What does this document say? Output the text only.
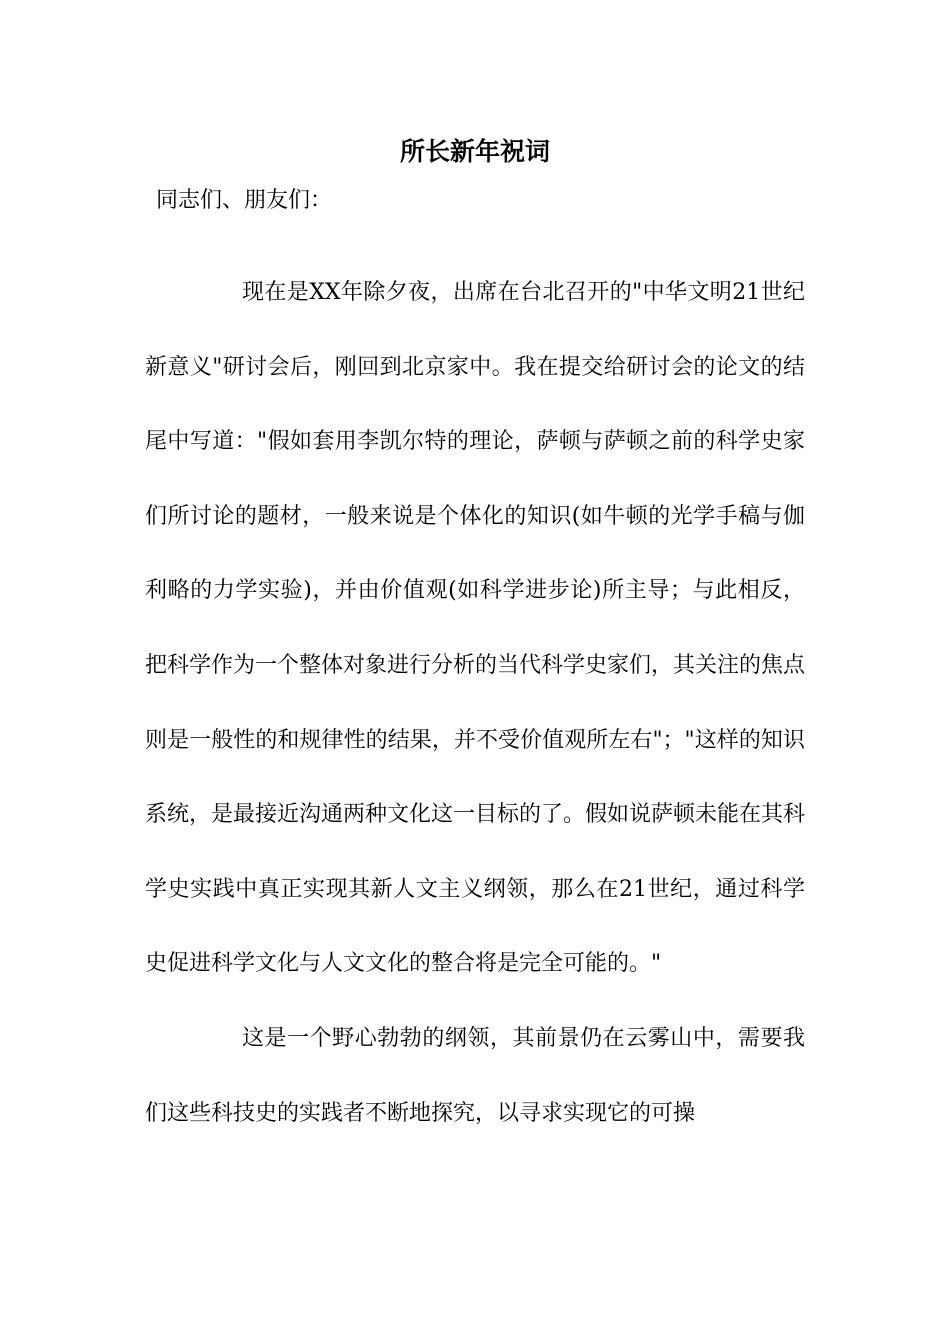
所长新年祝词
同志们、朋友们：

现在是XX年除夕夜，出席在台北召开的"中华文明21世纪新意义"研讨会后，刚回到北京家中。我在提交给研讨会的论文的结尾中写道："假如套用李凯尔特的理论，萨顿与萨顿之前的科学史家们所讨论的题材，一般来说是个体化的知识(如牛顿的光学手稿与伽利略的力学实验)，并由价值观(如科学进步论)所主导；与此相反，把科学作为一个整体对象进行分析的当代科学史家们，其关注的焦点则是一般性的和规律性的结果，并不受价值观所左右"；"这样的知识系统，是最接近沟通两种文化这一目标的了。假如说萨顿未能在其科学史实践中真正实现其新人文主义纲领，那么在21世纪，通过科学史促进科学文化与人文文化的整合将是完全可能的。"

这是一个野心勃勃的纲领，其前景仍在云雾山中，需要我们这些科技史的实践者不断地探究，以寻求实现它的可操
